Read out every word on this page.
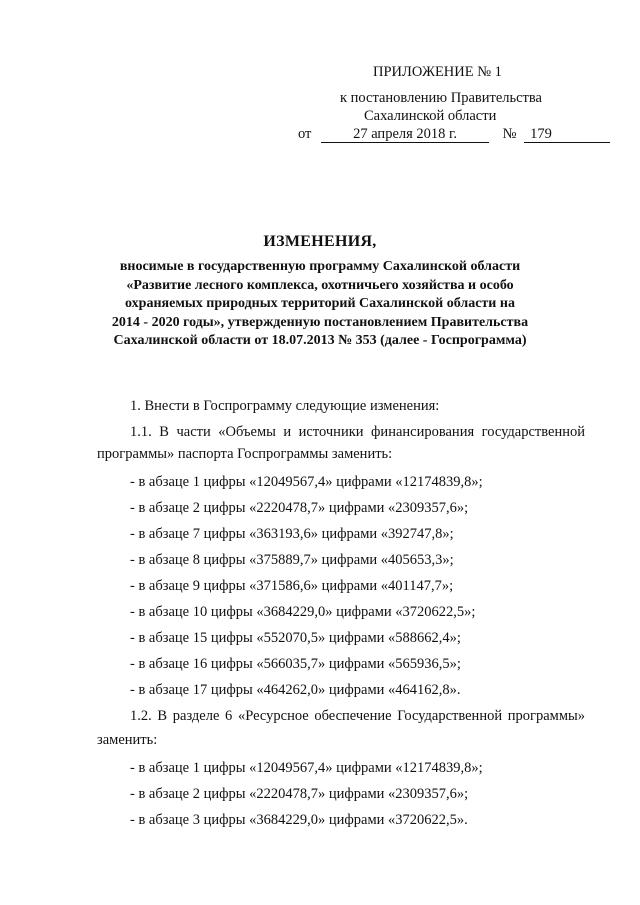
ПРИЛОЖЕНИЕ № 1
к постановлению Правительства
Сахалинской области
от	27 апреля 2018 г.	№ 179
ИЗМЕНЕНИЯ,
вносимые в государственную программу Сахалинской области
«Развитие лесного комплекса, охотничьего хозяйства и особо
охраняемых природных территорий Сахалинской области на
2014 - 2020 годы», утвержденную постановлением Правительства
Сахалинской области от 18.07.2013 № 353 (далее - Госпрограмма)
1. Внести в Госпрограмму следующие изменения:
1.1. В части «Объемы и источники финансирования государственной
программы» паспорта Госпрограммы заменить:
- в абзаце 1 цифры «12049567,4» цифрами «12174839,8»;
- в абзаце 2 цифры «2220478,7» цифрами «2309357,6»;
- в абзаце 7 цифры «363193,6» цифрами «392747,8»;
- в абзаце 8 цифры «375889,7» цифрами «405653,3»;
- в абзаце 9 цифры «371586,6» цифрами «401147,7»;
- в абзаце 10 цифры «3684229,0» цифрами «3720622,5»;
- в абзаце 15 цифры «552070,5» цифрами «588662,4»;
- в абзаце 16 цифры «566035,7» цифрами «565936,5»;
- в абзаце 17 цифры «464262,0» цифрами «464162,8».
1.2. В разделе 6 «Ресурсное обеспечение Государственной программы»
заменить:
- в абзаце 1 цифры «12049567,4» цифрами «12174839,8»;
- в абзаце 2 цифры «2220478,7» цифрами «2309357,6»;
- в абзаце 3 цифры «3684229,0» цифрами «3720622,5».
